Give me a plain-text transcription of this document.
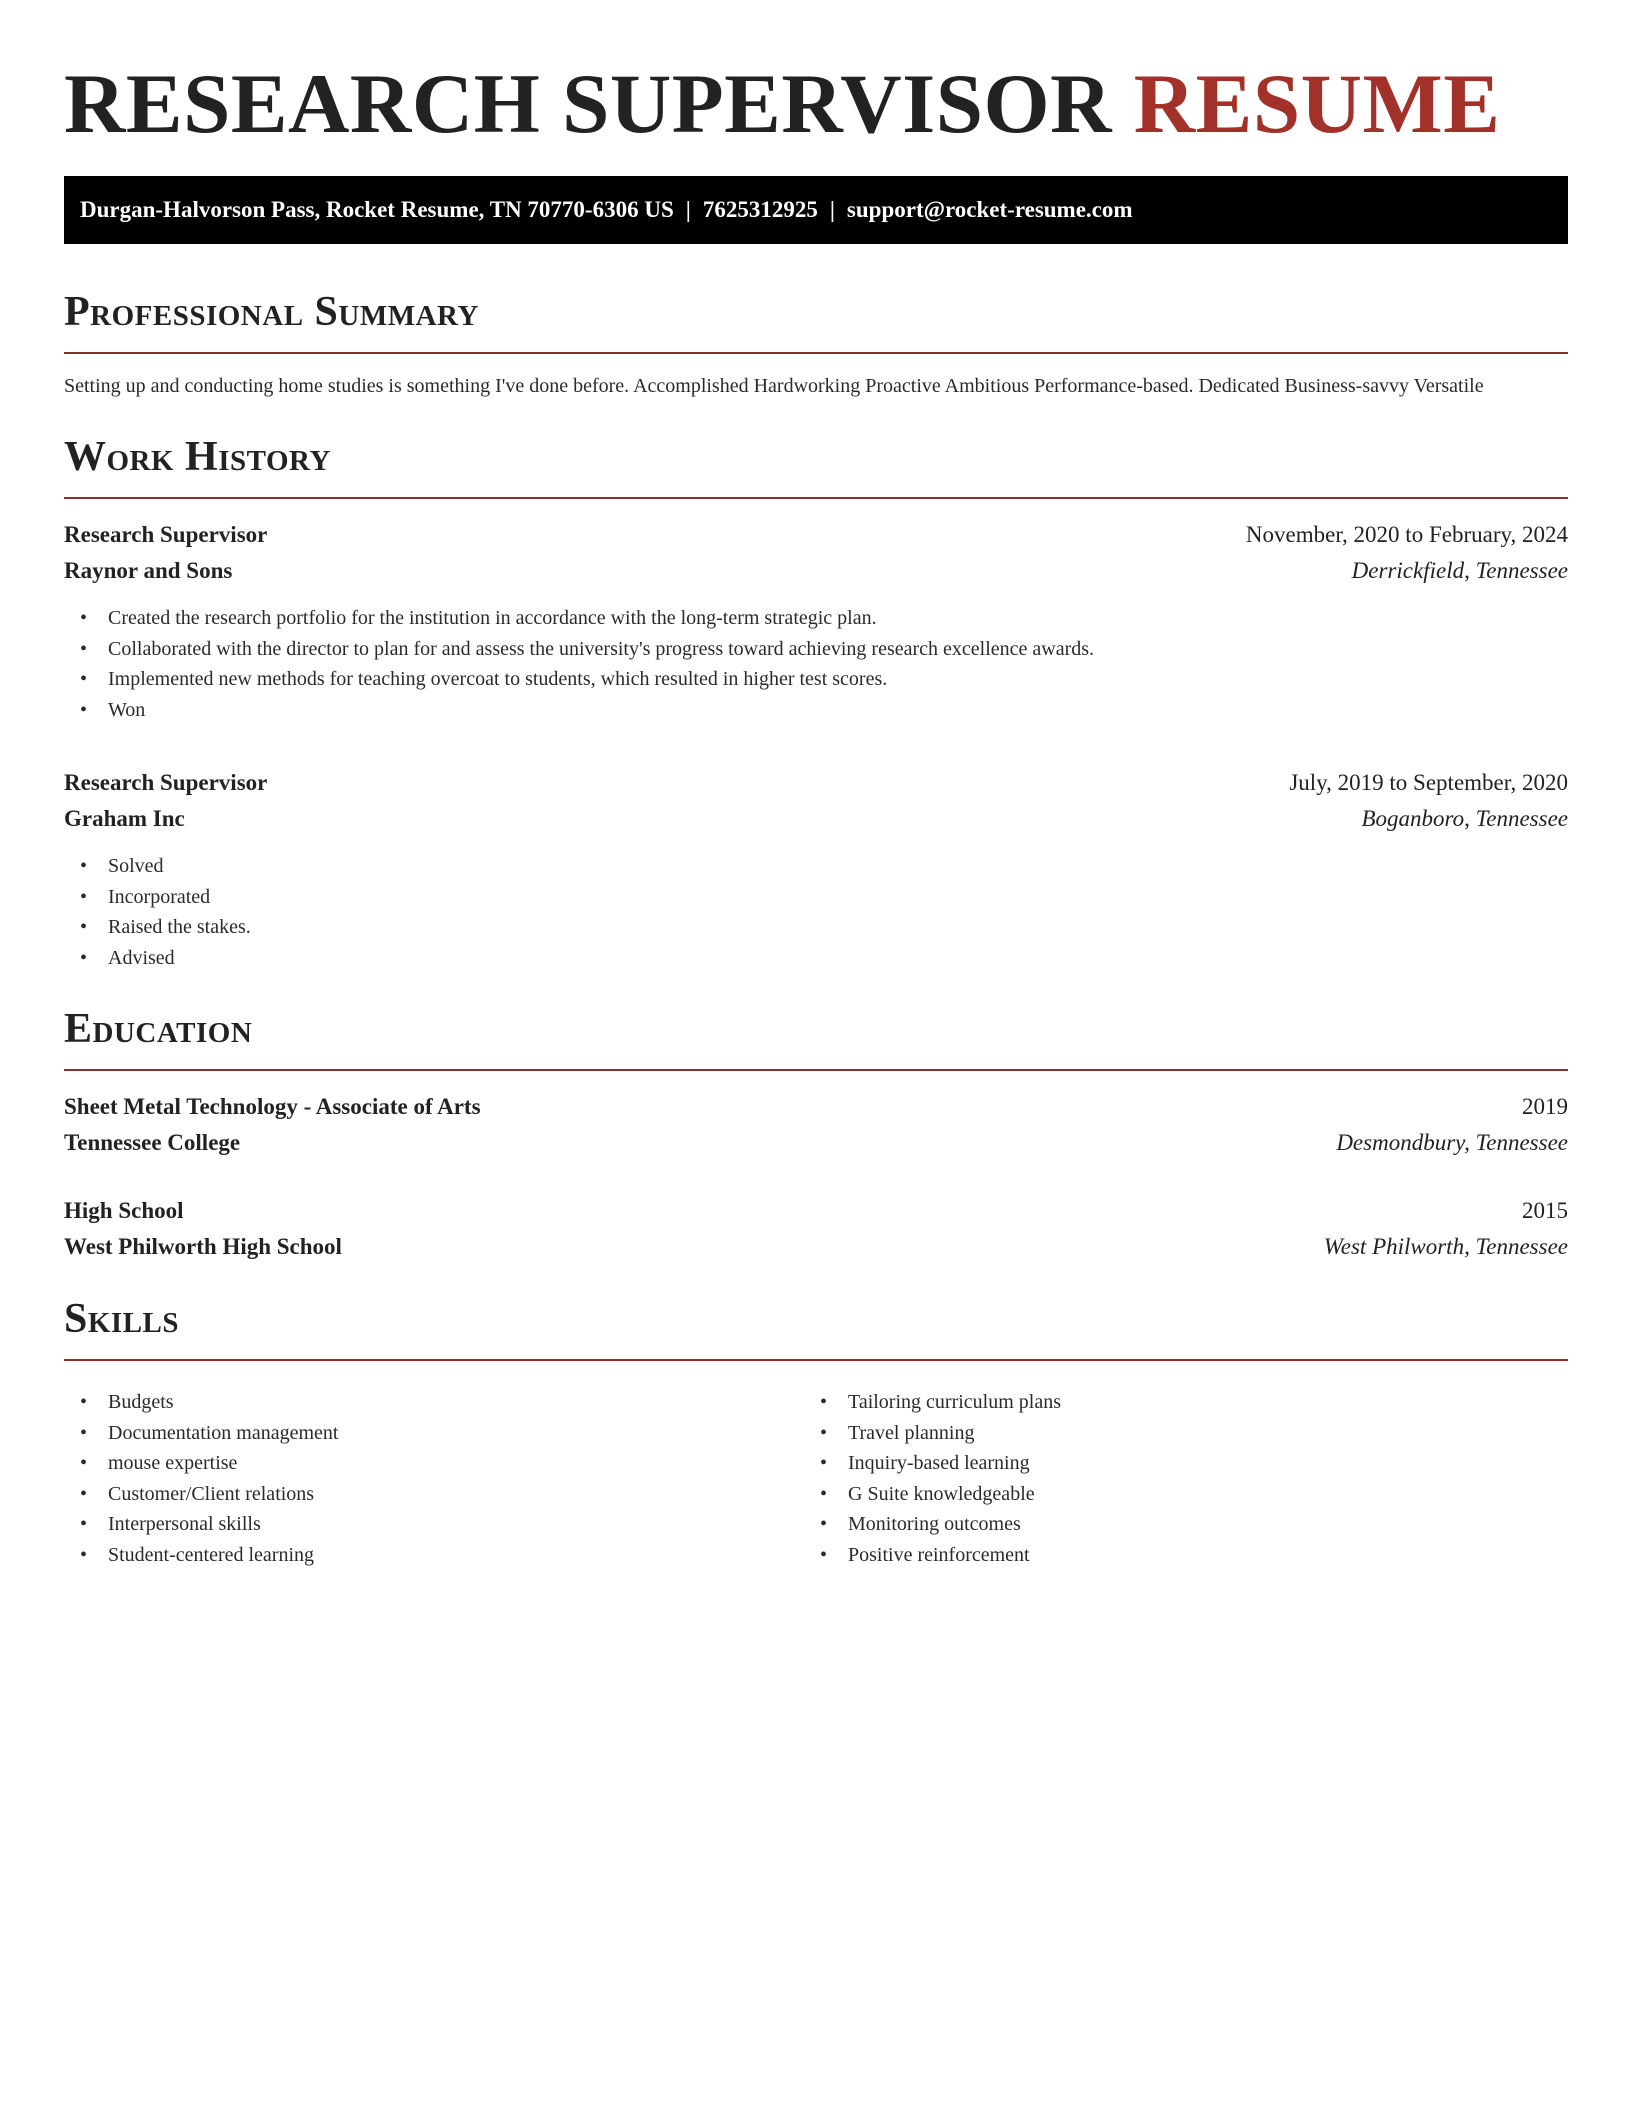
RESEARCH SUPERVISOR RESUME
Durgan-Halvorson Pass, Rocket Resume, TN 70770-6306 US | 7625312925 | support@rocket-resume.com
Professional Summary

Setting up and conducting home studies is something I've done before. Accomplished Hardworking Proactive Ambitious Performance-based. Dedicated Business-savvy Versatile

Work History
Research Supervisor	November, 2020 to February, 2024
Raynor and Sons	Derrickfield, Tennessee
• Created the research portfolio for the institution in accordance with the long-term strategic plan.
• Collaborated with the director to plan for and assess the university's progress toward achieving research excellence awards.
• Implemented new methods for teaching overcoat to students, which resulted in higher test scores.
• Won
Research Supervisor	July, 2019 to September, 2020
Graham Inc	Boganboro, Tennessee
• Solved
• Incorporated
• Raised the stakes.
• Advised
Education
Sheet Metal Technology - Associate of Arts	2019
Tennessee College	Desmondbury, Tennessee
High School	2015
West Philworth High School	West Philworth, Tennessee
Skills
• Budgets
• Documentation management
• mouse expertise
• Customer/Client relations
• Interpersonal skills
• Student-centered learning
• Tailoring curriculum plans
• Travel planning
• Inquiry-based learning
• G Suite knowledgeable
• Monitoring outcomes
• Positive reinforcement
